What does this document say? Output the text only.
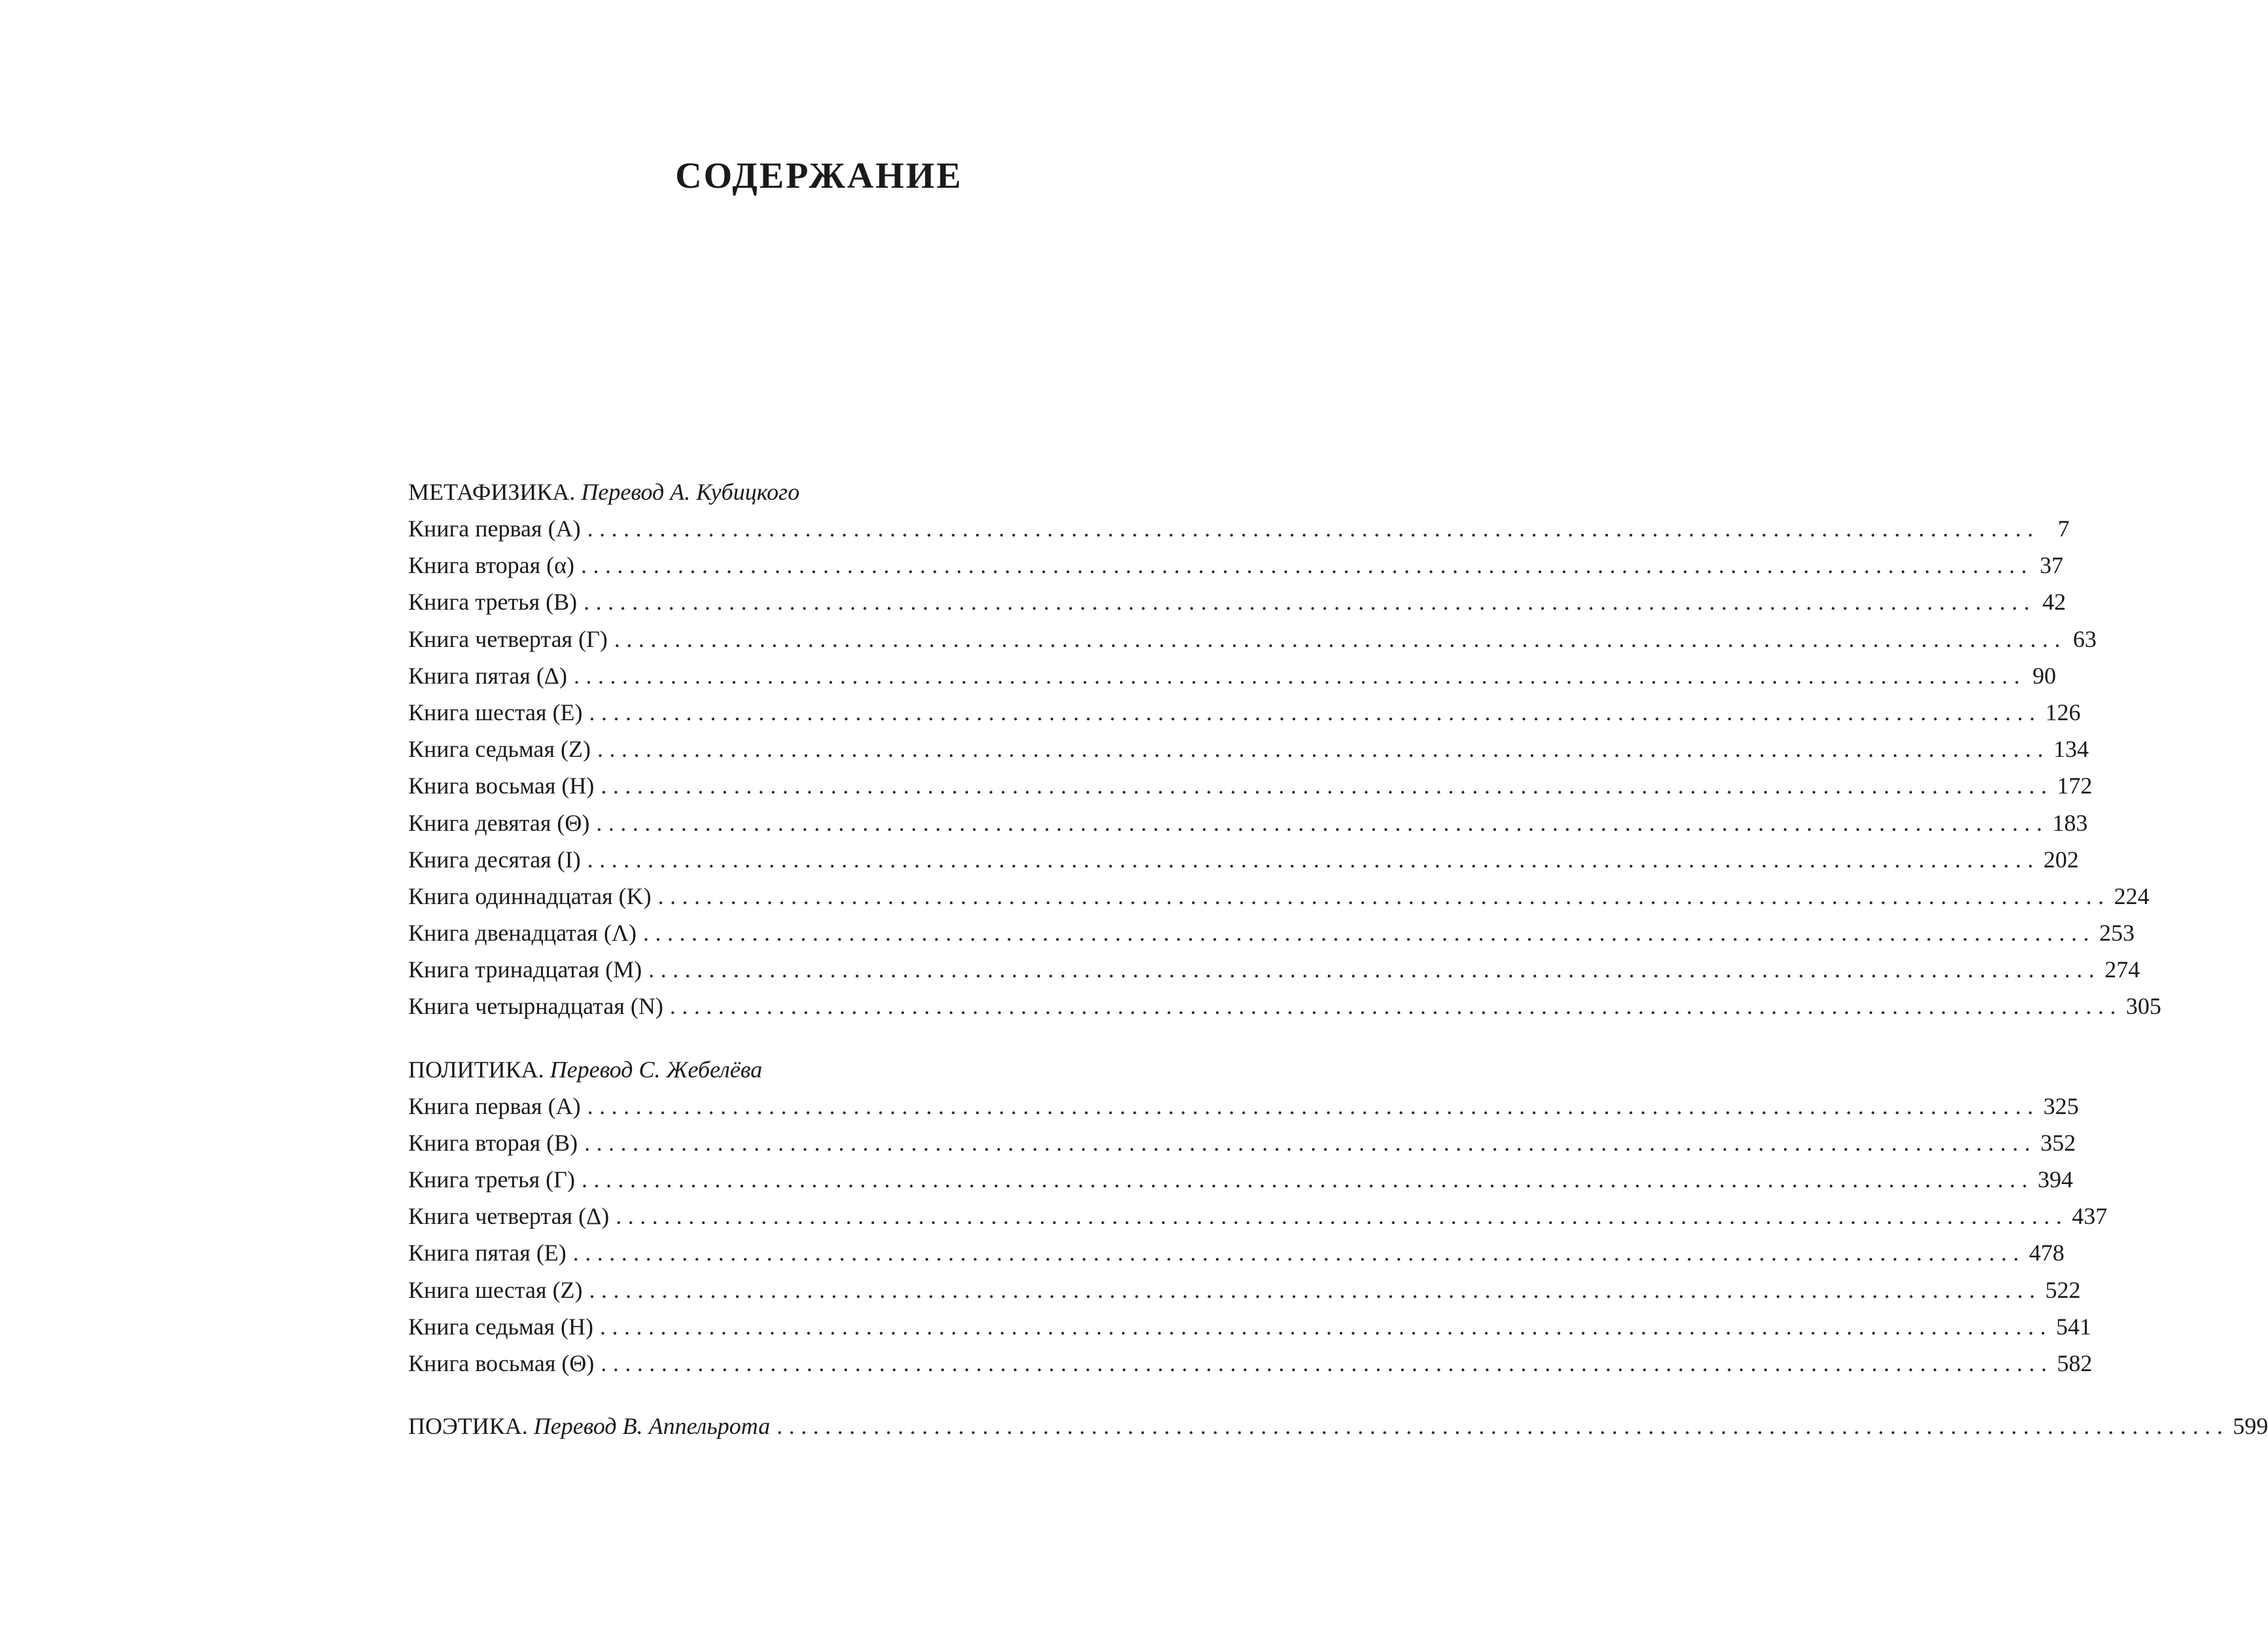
СОДЕРЖАНИЕ
МЕТАФИЗИКА. Перевод А. Кубицкого
Книга первая (A) ........................................................................................................................ 7
Книга вторая (α) ........................................................................................................................ 37
Книга третья (B) ........................................................................................................................ 42
Книга четвертая (Γ) ........................................................................................................................ 63
Книга пятая (Δ) ........................................................................................................................ 90
Книга шестая (E) ........................................................................................................................ 126
Книга седьмая (Z) ........................................................................................................................ 134
Книга восьмая (H) ........................................................................................................................ 172
Книга девятая (Θ) ........................................................................................................................ 183
Книга десятая (I) ........................................................................................................................ 202
Книга одиннадцатая (K) ........................................................................................................................ 224
Книга двенадцатая (Λ) ........................................................................................................................ 253
Книга тринадцатая (M) ........................................................................................................................ 274
Книга четырнадцатая (N) ........................................................................................................................ 305
ПОЛИТИКА. Перевод С. Жебелёва
Книга первая (A) ........................................................................................................................ 325
Книга вторая (B) ........................................................................................................................ 352
Книга третья (Γ) ........................................................................................................................ 394
Книга четвертая (Δ) ........................................................................................................................ 437
Книга пятая (E) ........................................................................................................................ 478
Книга шестая (Z) ........................................................................................................................ 522
Книга седьмая (H) ........................................................................................................................ 541
Книга восьмая (Θ) ........................................................................................................................ 582
ПОЭТИКА. Перевод В. Аппельрота ........................................................................................................................ 599
